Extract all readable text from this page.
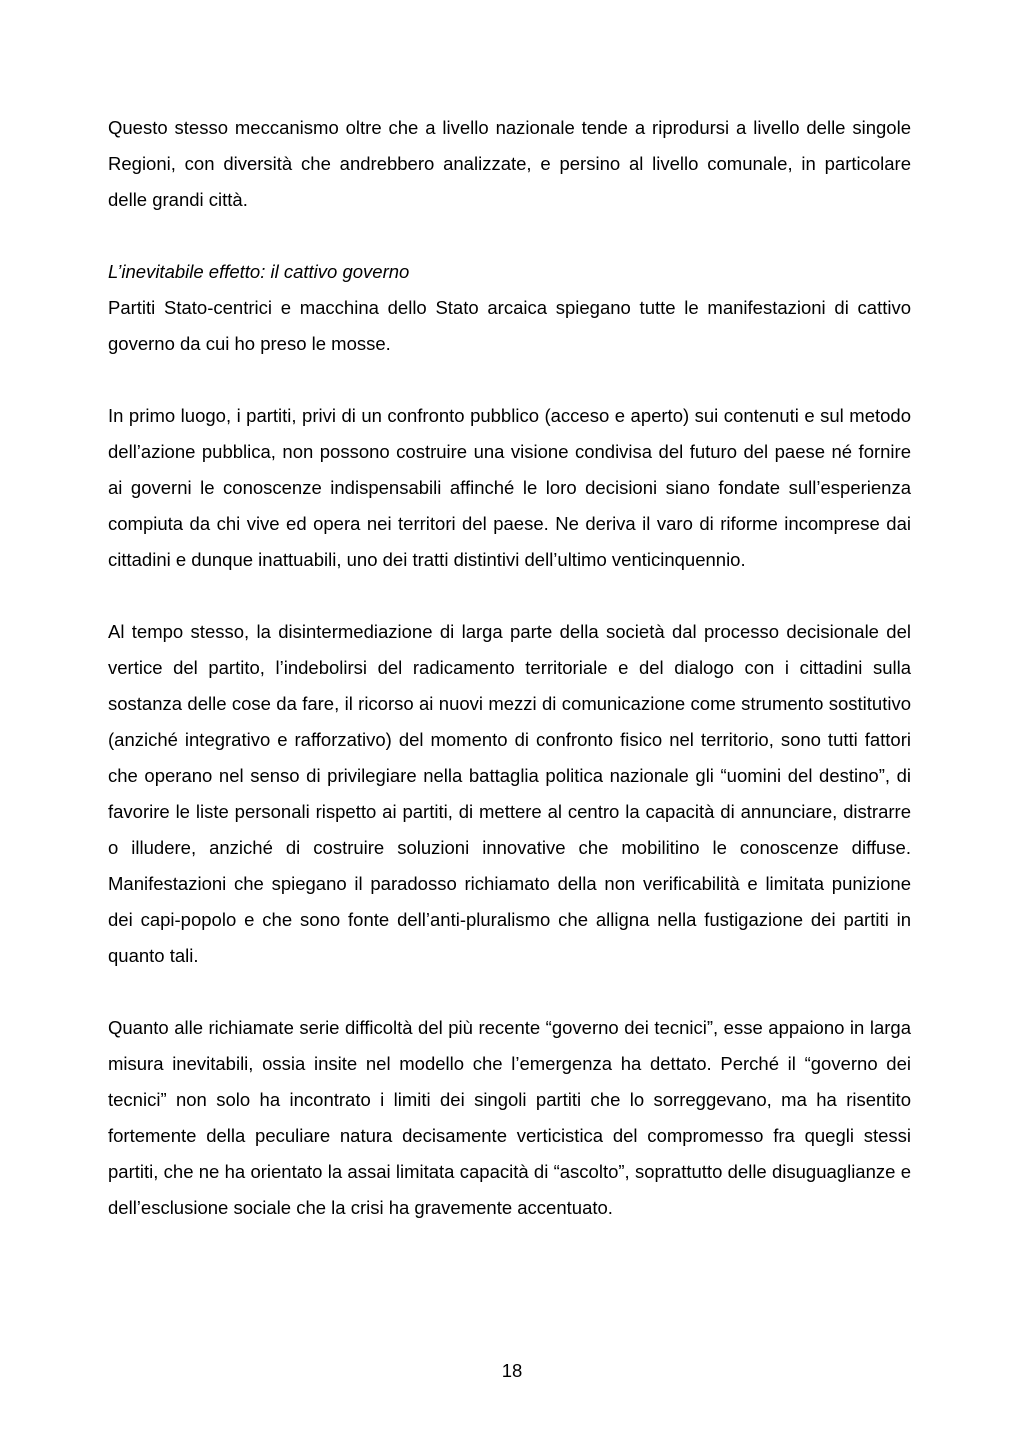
Questo stesso meccanismo oltre che a livello nazionale tende a riprodursi a livello delle singole Regioni, con diversità che andrebbero analizzate, e persino al livello comunale, in particolare delle grandi città.

L’inevitabile effetto: il cattivo governo

Partiti Stato-centrici e macchina dello Stato arcaica spiegano tutte le manifestazioni di cattivo governo da cui ho preso le mosse.

In primo luogo, i partiti, privi di un confronto pubblico (acceso e aperto) sui contenuti e sul metodo dell’azione pubblica, non possono costruire una visione condivisa del futuro del paese né fornire ai governi le conoscenze indispensabili affinché le loro decisioni siano fondate sull’esperienza compiuta da chi vive ed opera nei territori del paese. Ne deriva il varo di riforme incomprese dai cittadini e dunque inattuabili, uno dei tratti distintivi dell’ultimo venticinquennio.

Al tempo stesso, la disintermediazione di larga parte della società dal processo decisionale del vertice del partito, l’indebolirsi del radicamento territoriale e del dialogo con i cittadini sulla sostanza delle cose da fare, il ricorso ai nuovi mezzi di comunicazione come strumento sostitutivo (anziché integrativo e rafforzativo) del momento di confronto fisico nel territorio, sono tutti fattori che operano nel senso di privilegiare nella battaglia politica nazionale gli “uomini del destino”, di favorire le liste personali rispetto ai partiti, di mettere al centro la capacità di annunciare, distrarre o illudere, anziché di costruire soluzioni innovative che mobilitino le conoscenze diffuse. Manifestazioni che spiegano il paradosso richiamato della non verificabilità e limitata punizione dei capi-popolo e che sono fonte dell’anti-pluralismo che alligna nella fustigazione dei partiti in quanto tali.

Quanto alle richiamate serie difficoltà del più recente “governo dei tecnici”, esse appaiono in larga misura inevitabili, ossia insite nel modello che l’emergenza ha dettato. Perché il “governo dei tecnici” non solo ha incontrato i limiti dei singoli partiti che lo sorreggevano, ma ha risentito fortemente della peculiare natura decisamente verticistica del compromesso fra quegli stessi partiti, che ne ha orientato la assai limitata capacità di “ascolto”, soprattutto delle disuguaglianze e dell’esclusione sociale che la crisi ha gravemente accentuato.

18
